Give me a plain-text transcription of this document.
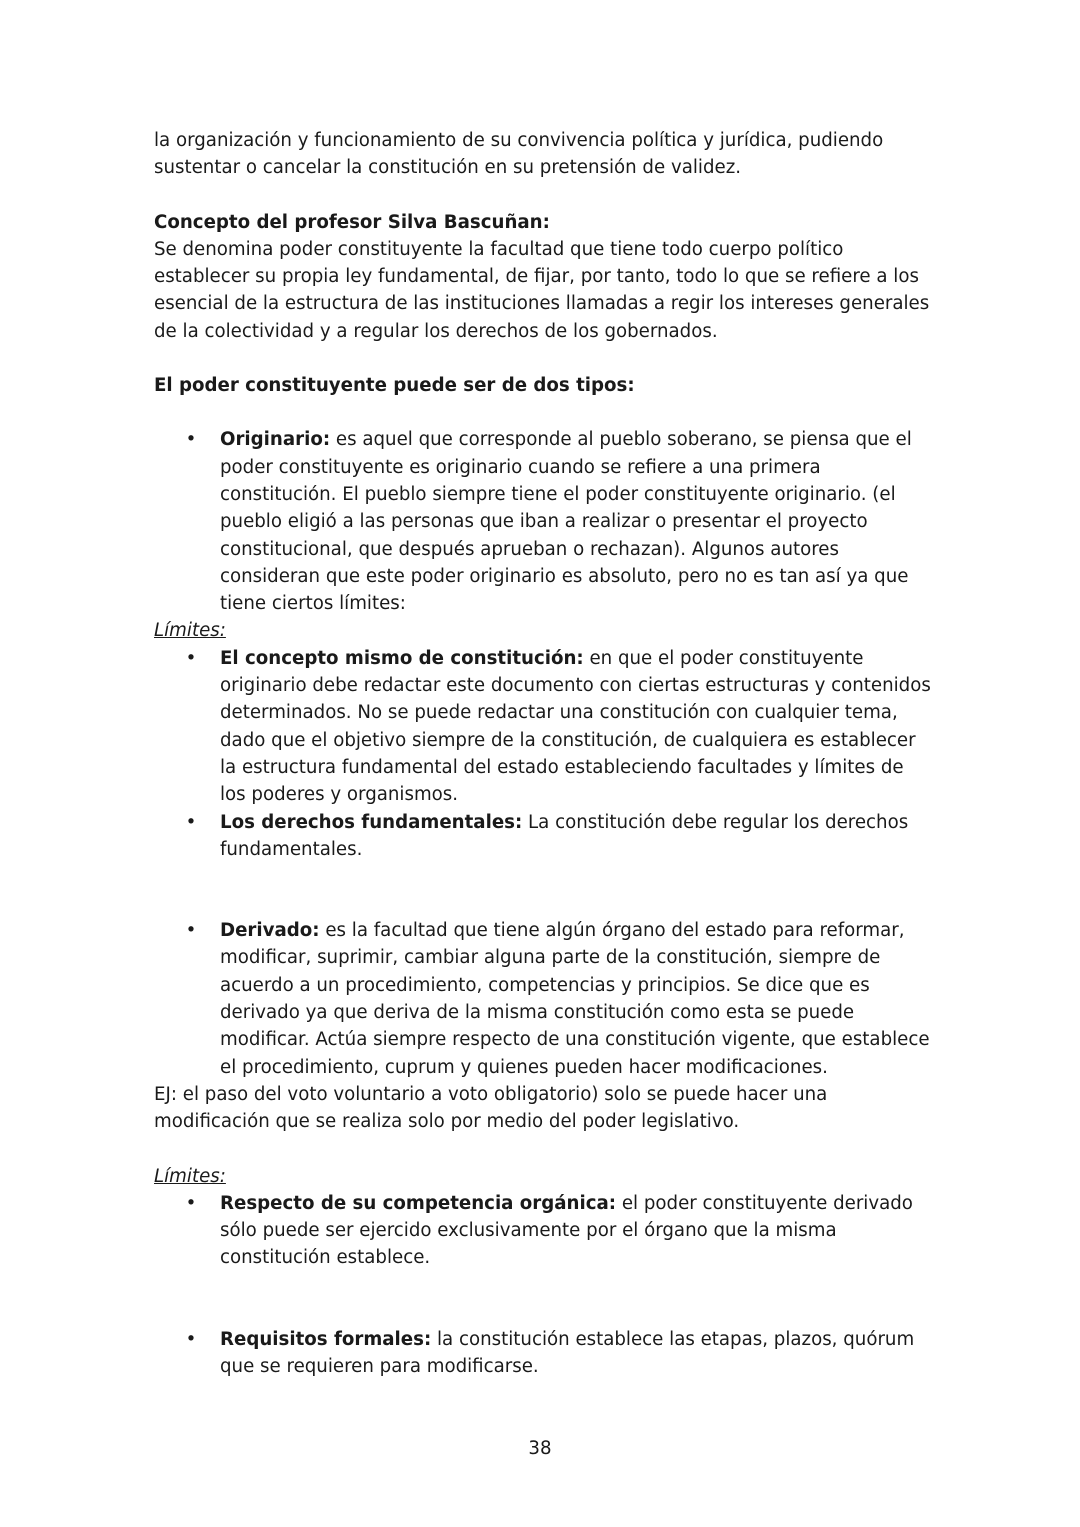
la organización y funcionamiento de su convivencia política y jurídica, pudiendo sustentar o cancelar la constitución en su pretensión de validez.

Concepto del profesor Silva Bascuñan:

Se denomina poder constituyente la facultad que tiene todo cuerpo político establecer su propia ley fundamental, de fijar, por tanto, todo lo que se refiere a los esencial de la estructura de las instituciones llamadas a regir los intereses generales de la colectividad y a regular los derechos de los gobernados.

El poder constituyente puede ser de dos tipos:

• Originario: es aquel que corresponde al pueblo soberano, se piensa que el poder constituyente es originario cuando se refiere a una primera constitución. El pueblo siempre tiene el poder constituyente originario. (el pueblo eligió a las personas que iban a realizar o presentar el proyecto constitucional, que después aprueban o rechazan). Algunos autores consideran que este poder originario es absoluto, pero no es tan así ya que tiene ciertos límites:

Límites:

• El concepto mismo de constitución: en que el poder constituyente originario debe redactar este documento con ciertas estructuras y contenidos determinados. No se puede redactar una constitución con cualquier tema, dado que el objetivo siempre de la constitución, de cualquiera es establecer la estructura fundamental del estado estableciendo facultades y límites de los poderes y organismos.
• Los derechos fundamentales: La constitución debe regular los derechos fundamentales.
• Derivado: es la facultad que tiene algún órgano del estado para reformar, modificar, suprimir, cambiar alguna parte de la constitución, siempre de acuerdo a un procedimiento, competencias y principios. Se dice que es derivado ya que deriva de la misma constitución como esta se puede modificar. Actúa siempre respecto de una constitución vigente, que establece el procedimiento, cuprum y quienes pueden hacer modificaciones.

EJ: el paso del voto voluntario a voto obligatorio) solo se puede hacer una modificación que se realiza solo por medio del poder legislativo.

Límites:

• Respecto de su competencia orgánica: el poder constituyente derivado sólo puede ser ejercido exclusivamente por el órgano que la misma constitución establece.
• Requisitos formales: la constitución establece las etapas, plazos, quórum que se requieren para modificarse.
38
